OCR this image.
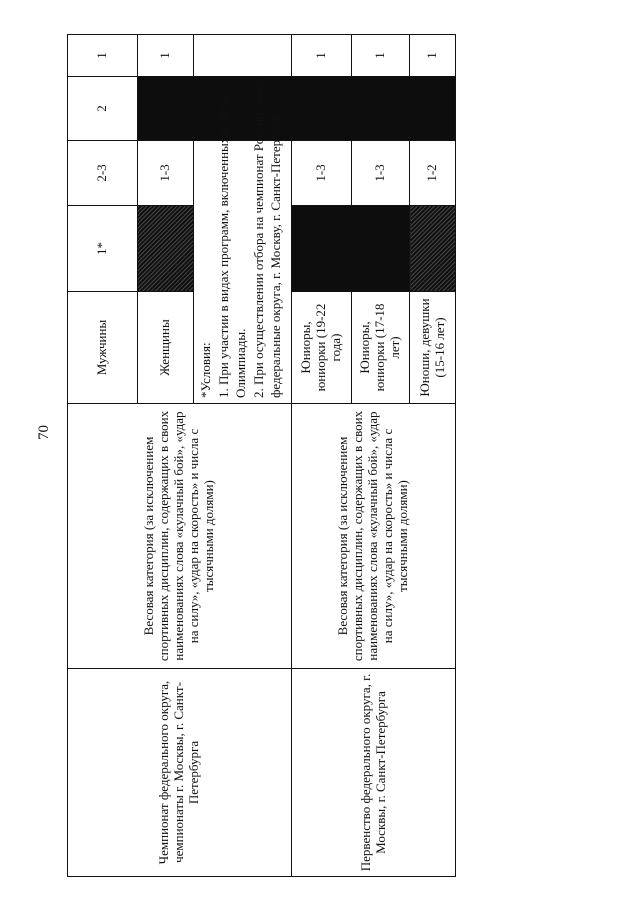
70
Чемпионат федерального округа, чемпионаты г. Москвы, г. Санкт-Петербурга	Весовая категория (за исключением спортивных дисциплин, содержащих в своих наименованиях слова «кулачный бой», «удар на силу», «удар на скорость» и числа с тысячными долями)	Мужчины	1*	2-3	2	1
		Женщины		1-3		1

		*Условия: 1. При участии в видах программ, включенных в Игры Олимпиады. 2. При осуществлении отбора на чемпионат России через федеральные округа, г. Москву, г. Санкт-Петербург.				

Первенство федерального округа, г. Москвы, г. Санкт-Петербурга	Весовая категория (за исключением спортивных дисциплин, содержащих в своих наименованиях слова «кулачный бой», «удар на силу», «удар на скорость» и числа с тысячными долями)	Юниоры, юниорки (19-22 года)		1-3		1
		Юниоры, юниорки (17-18 лет)		1-3		1
		Юноши, девушки (15-16 лет)		1-2		1
